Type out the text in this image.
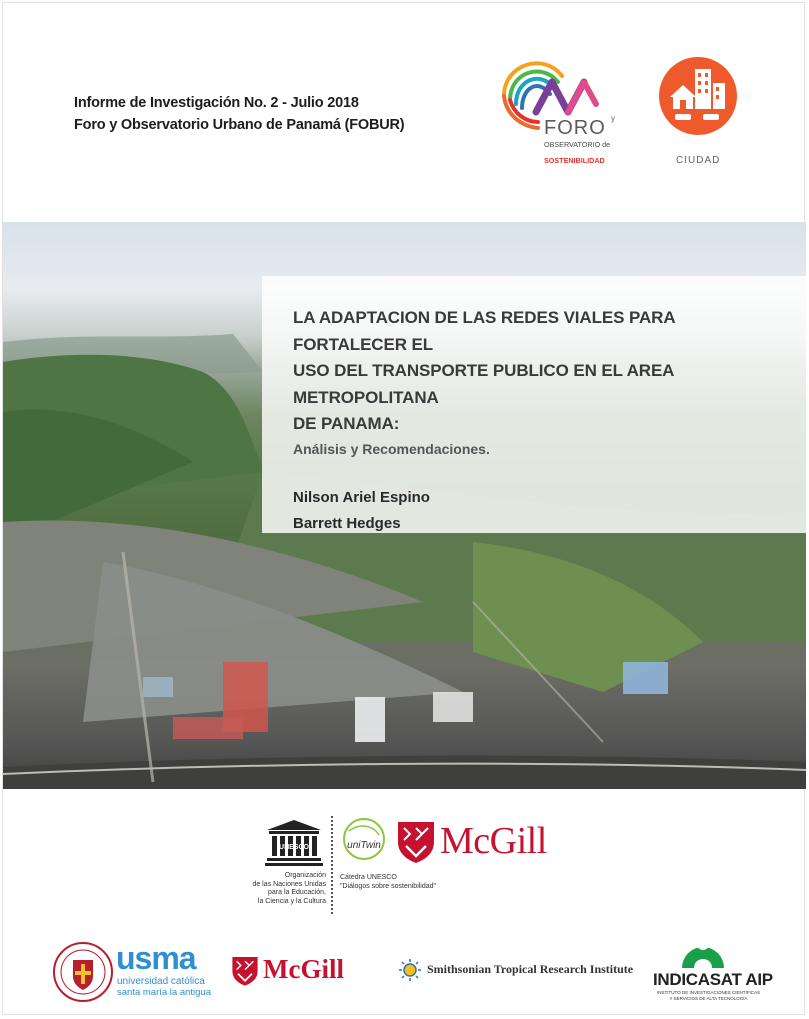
Informe de Investigación No. 2 - Julio 2018
Foro y Observatorio Urbano de Panamá (FOBUR)	FORO y
OBSERVATORIO de
SOSTENIBILIDAD	CIUDAD
LA ADAPTACION DE LAS REDES VIALES PARA FORTALECER EL
USO DEL TRANSPORTE PUBLICO EN EL AREA METROPOLITANA
DE PANAMA:
Análisis y Recomendaciones.
Nilson Ariel Espino
Barrett Hedges
UNESCO
Organización
de las Naciones Unidas
para la Educación,
la Ciencia y la Cultura
uniTwin
Cátedra UNESCO
"Diálogos sobre sostenibilidad"
McGill
usma
universidad católica
santa maría la antigua
McGill	Smithsonian Tropical Research Institute
INDICASAT AIP
INSTITUTO DE INVESTIGACIONES CIENTÍFICAS
Y SERVICIOS DE ALTA TECNOLOGÍA
